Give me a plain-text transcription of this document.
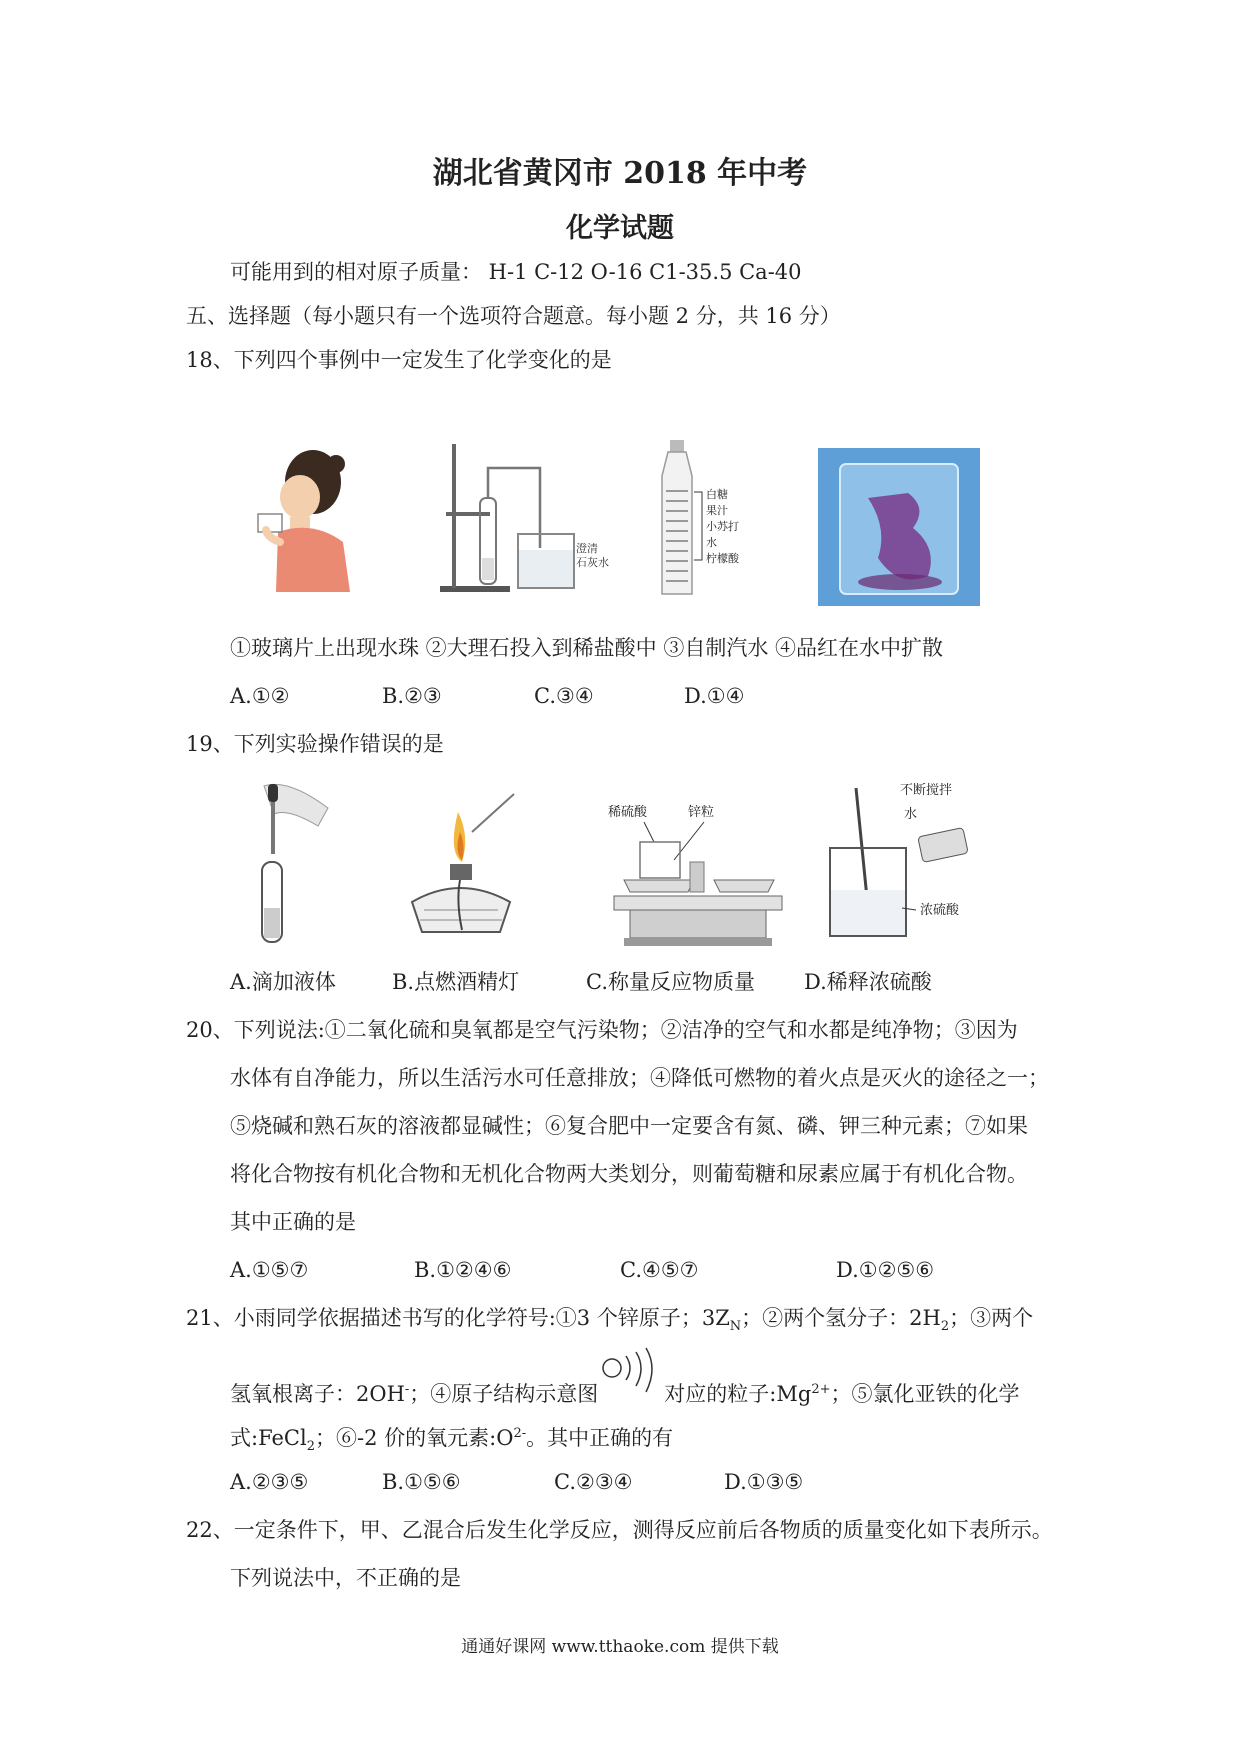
湖北省黄冈市 2018 年中考
化学试题
可能用到的相对原子质量： H-1 C-12 O-16 C1-35.5 Ca-40
五、选择题（每小题只有一个选项符合题意。每小题 2 分，共 16 分）
18、下列四个事例中一定发生了化学变化的是
澄清
石灰水
白糖
果汁
小苏打
水
柠檬酸
①玻璃片上出现水珠 ②大理石投入到稀盐酸中 ③自制汽水 ④品红在水中扩散
A.①②	B.②③	C.③④	D.①④
19、下列实验操作错误的是
稀硫酸	锌粒
不断搅拌
水
浓硫酸
A.滴加液体	B.点燃酒精灯	C.称量反应物质量 D.稀释浓硫酸
20、下列说法:①二氧化硫和臭氧都是空气污染物；②洁净的空气和水都是纯净物；③因为
水体有自净能力，所以生活污水可任意排放；④降低可燃物的着火点是灭火的途径之一；
⑤烧碱和熟石灰的溶液都显碱性；⑥复合肥中一定要含有氮、磷、钾三种元素；⑦如果
将化合物按有机化合物和无机化合物两大类划分，则葡萄糖和尿素应属于有机化合物。
其中正确的是
A.①⑤⑦	B.①②④⑥	C.④⑤⑦	D.①②⑤⑥
21、小雨同学依据描述书写的化学符号:①3 个锌原子；$3Z_N$；②两个氢分子：$2H_2$；③两个
氢氧根离子：2OH-；④原子结构示意图	对应的粒子$:Mg^{2+}$；⑤氯化亚铁的化学
式:FeCl$_2$；⑥-2 价的氧元素$:O^{2-}$。其中正确的有
A.②③⑤	B.①⑤⑥	C.②③④	D.①③⑤
22、一定条件下，甲、乙混合后发生化学反应，测得反应前后各物质的质量变化如下表所示。
下列说法中，不正确的是
通通好课网 www.tthaoke.com 提供下载
